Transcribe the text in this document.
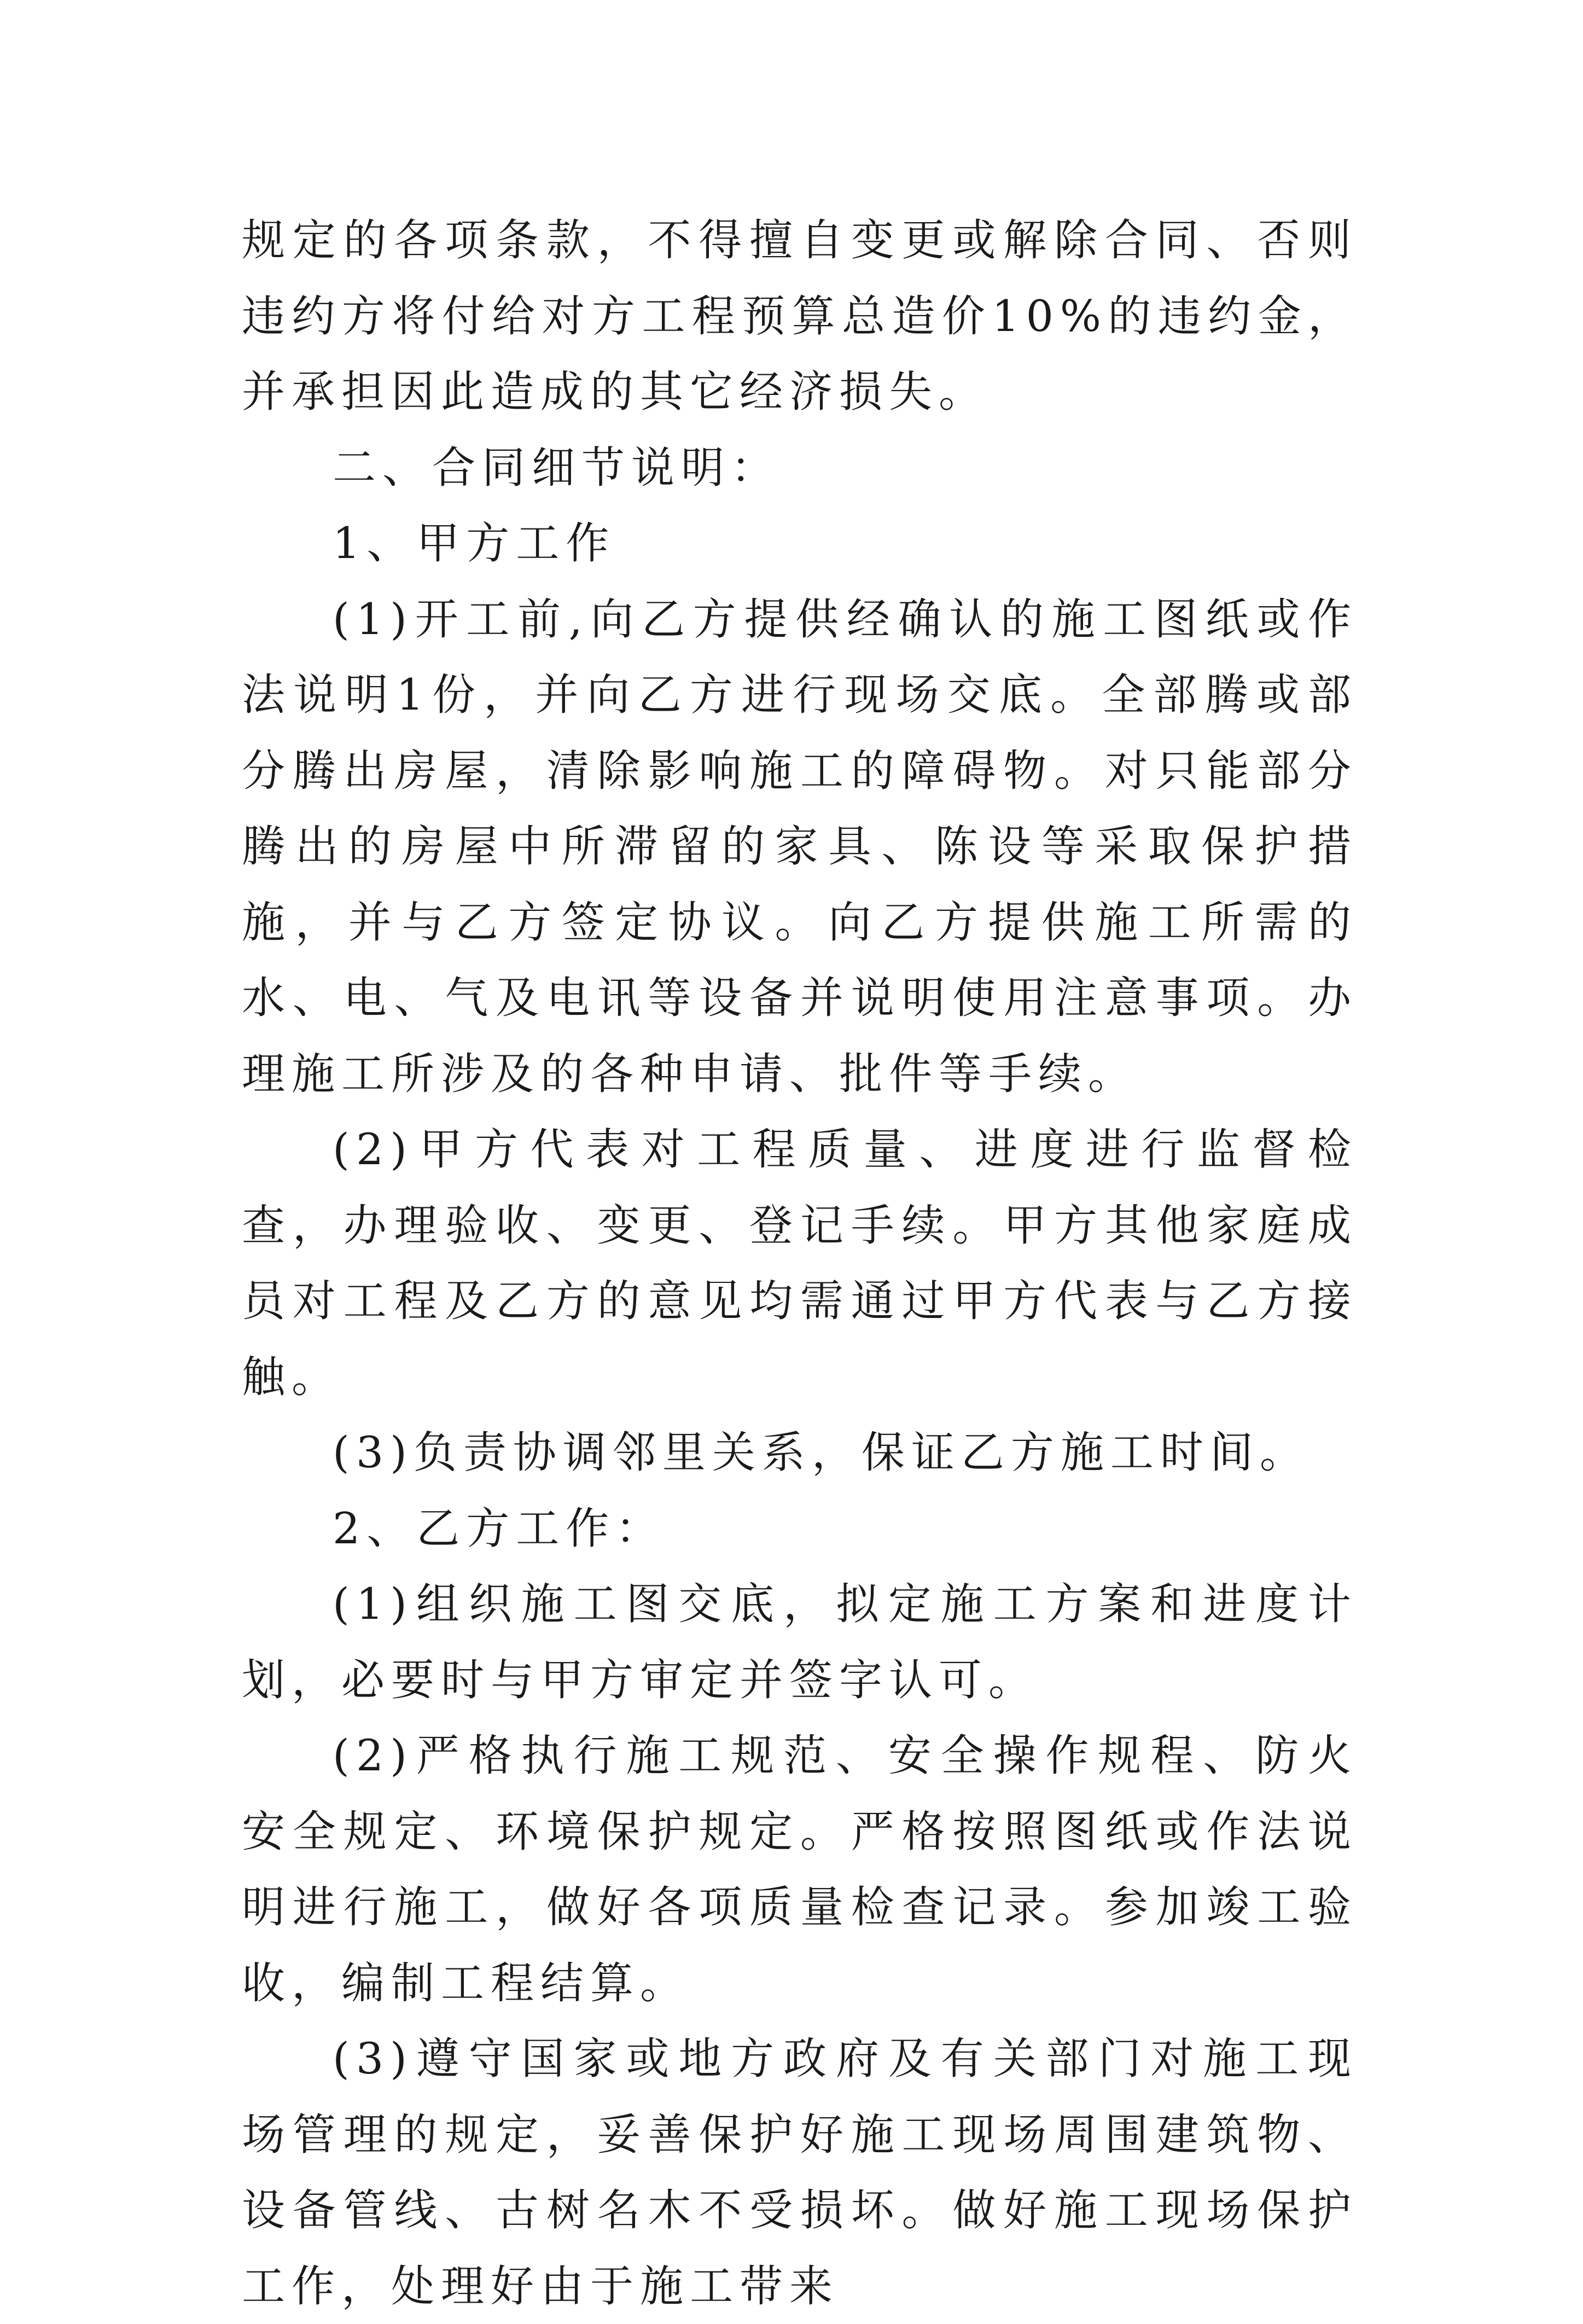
规定的各项条款，不得擅自变更或解除合同、否则违约方将付给对方工程预算总造价10%的违约金，并承担因此造成的其它经济损失。

二、合同细节说明：

1、甲方工作

(1)开工前,向乙方提供经确认的施工图纸或作法说明1份，并向乙方进行现场交底。全部腾或部分腾出房屋，清除影响施工的障碍物。对只能部分腾出的房屋中所滞留的家具、陈设等采取保护措施，并与乙方签定协议。向乙方提供施工所需的水、电、气及电讯等设备并说明使用注意事项。办理施工所涉及的各种申请、批件等手续。

(2)甲方代表对工程质量、进度进行监督检查，办理验收、变更、登记手续。甲方其他家庭成员对工程及乙方的意见均需通过甲方代表与乙方接触。

(3)负责协调邻里关系，保证乙方施工时间。

2、乙方工作：

(1)组织施工图交底，拟定施工方案和进度计划，必要时与甲方审定并签字认可。

(2)严格执行施工规范、安全操作规程、防火安全规定、环境保护规定。严格按照图纸或作法说明进行施工，做好各项质量检查记录。参加竣工验收，编制工程结算。

(3)遵守国家或地方政府及有关部门对施工现场管理的规定，妥善保护好施工现场周围建筑物、设备管线、古树名木不受损坏。做好施工现场保护工作，处理好由于施工带来
